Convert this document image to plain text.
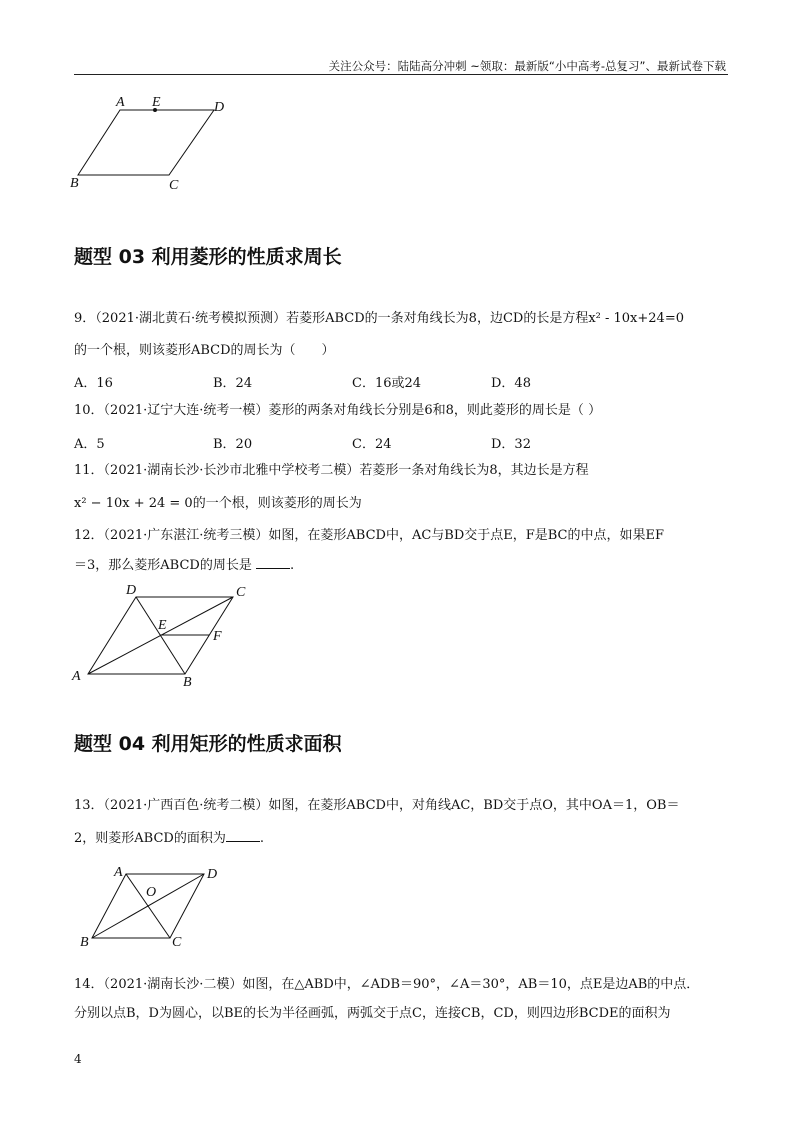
关注公众号：陆陆高分冲刺 ~领取：最新版“小中高考-总复习”、最新试卷下载
A E	D
B	C
题型 03 利用菱形的性质求周长
9．（2021·湖北黄石·统考模拟预测）若菱形ABCD的一条对角线长为8，边CD的长是方程x² - 10x+24=0
的一个根，则该菱形ABCD的周长为（　　）
A．16	B．24	C．16或24	D．48
10．（2021·辽宁大连·统考一模）菱形的两条对角线长分别是6和8，则此菱形的周长是（ ）
A．5	B．20	C．24	D．32
11．（2021·湖南长沙·长沙市北雅中学校考二模）若菱形一条对角线长为8，其边长是方程
x² − 10x + 24 = 0的一个根，则该菱形的周长为
12．（2021·广东湛江·统考三模）如图，在菱形ABCD中，AC与BD交于点E，F是BC的中点，如果EF
＝3，那么菱形ABCD的周长是	.
D	C
E
F
A	B
题型 04 利用矩形的性质求面积
13．（2021·广西百色·统考二模）如图，在菱形ABCD中，对角线AC，BD交于点O，其中OA＝1，OB＝
2，则菱形ABCD的面积为	.
A	D
O
B	C
14．（2021·湖南长沙·二模）如图，在△ABD中，∠ADB＝90°，∠A＝30°，AB＝10，点E是边AB的中点．
分别以点B，D为圆心，以BE的长为半径画弧，两弧交于点C，连接CB，CD，则四边形BCDE的面积为
4
